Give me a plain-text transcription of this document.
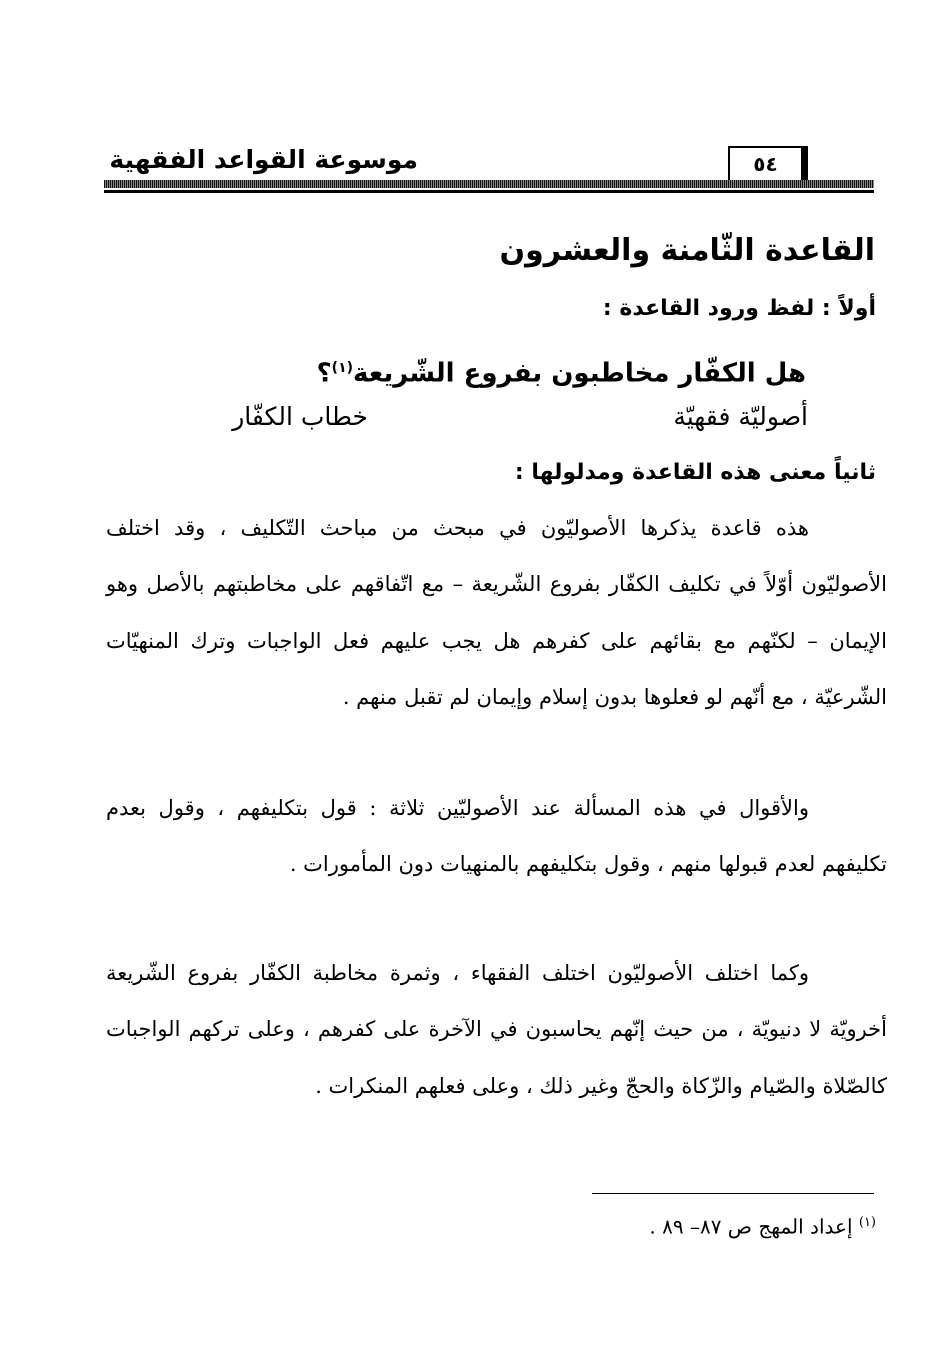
موسوعة القواعد الفقهية	٥٤
القاعدة الثّامنة والعشرون
أولاً : لفظ ورود القاعدة :
هل الكفّار مخاطبون بفروع الشّريعة$^{(١)}$؟
أصوليّة فقهيّة
خطاب الكفّار
ثانياً معنى هذه القاعدة ومدلولها :

هذه قاعدة يذكرها الأصوليّون في مبحث من مباحث التّكليف ، وقد اختلف الأصوليّون أوّلاً في تكليف الكفّار بفروع الشّريعة – مع اتّفاقهم على مخاطبتهم بالأصل وهو الإيمان – لكنّهم مع بقائهم على كفرهم هل يجب عليهم فعل الواجبات وترك المنهيّات الشّرعيّة ، مع أنّهم لو فعلوها بدون إسلام وإيمان لم تقبل منهم .

والأقوال في هذه المسألة عند الأصوليّين ثلاثة : قول بتكليفهم ، وقول بعدم تكليفهم لعدم قبولها منهم ، وقول بتكليفهم بالمنهيات دون المأمورات .

وكما اختلف الأصوليّون اختلف الفقهاء ، وثمرة مخاطبة الكفّار بفروع الشّريعة أخرويّة لا دنيويّة ، من حيث إنّهم يحاسبون في الآخرة على كفرهم ، وعلى تركهم الواجبات كالصّلاة والصّيام والزّكاة والحجّ وغير ذلك ، وعلى فعلهم المنكرات .

$^{(١)}$ إعداد المهج ص ٨٧– ٨٩ .
